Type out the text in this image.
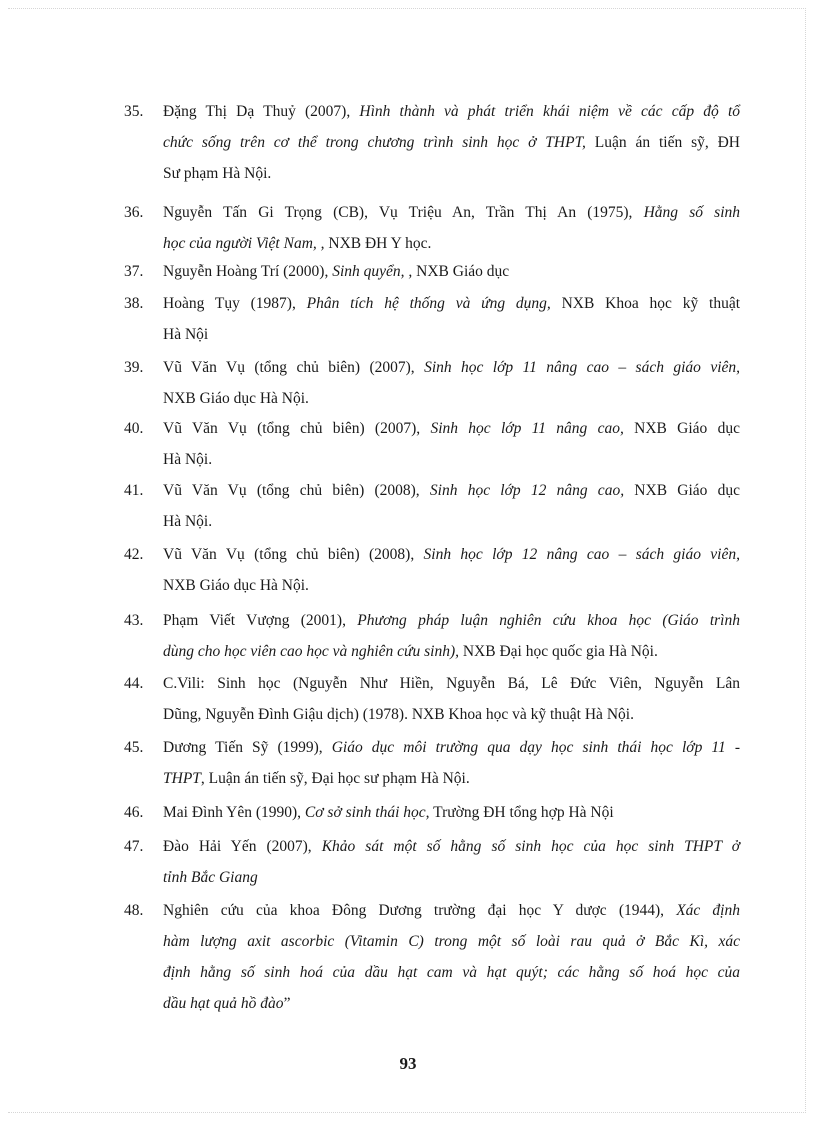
35.	Đặng Thị Dạ Thuỷ (2007), Hình thành và phát triển khái niệm về các cấp độ tổ
chức sống trên cơ thể trong chương trình sinh học ở THPT, Luận án tiến sỹ, ĐH
Sư phạm Hà Nội.
36.	Nguyễn Tấn Gi Trọng (CB), Vụ Triệu An, Trần Thị An (1975), Hằng số sinh
học của người Việt Nam, , NXB ĐH Y học.
37.	Nguyễn Hoàng Trí (2000), Sinh quyển, , NXB Giáo dục
38.	Hoàng Tụy (1987), Phân tích hệ thống và ứng dụng, NXB Khoa học kỹ thuật
Hà Nội
39.	Vũ Văn Vụ (tổng chủ biên) (2007), Sinh học lớp 11 nâng cao – sách giáo viên,
NXB Giáo dục Hà Nội.
40.	Vũ Văn Vụ (tổng chủ biên) (2007), Sinh học lớp 11 nâng cao, NXB Giáo dục
Hà Nội.
41.	Vũ Văn Vụ (tổng chủ biên) (2008), Sinh học lớp 12 nâng cao, NXB Giáo dục
Hà Nội.
42.	Vũ Văn Vụ (tổng chủ biên) (2008), Sinh học lớp 12 nâng cao – sách giáo viên,
NXB Giáo dục Hà Nội.
43.	Phạm Viết Vượng (2001), Phương pháp luận nghiên cứu khoa học (Giáo trình
dùng cho học viên cao học và nghiên cứu sinh), NXB Đại học quốc gia Hà Nội.
44.	C.Vili: Sinh học (Nguyễn Như Hiền, Nguyễn Bá, Lê Đức Viên, Nguyễn Lân
Dũng, Nguyễn Đình Giậu dịch) (1978). NXB Khoa học và kỹ thuật Hà Nội.
45.	Dương Tiến Sỹ (1999), Giáo dục môi trường qua dạy học sinh thái học lớp 11 -
THPT, Luận án tiến sỹ, Đại học sư phạm Hà Nội.
46.	Mai Đình Yên (1990), Cơ sở sinh thái học, Trường ĐH tổng hợp Hà Nội
47.	Đào Hải Yến (2007), Khảo sát một số hằng số sinh học của học sinh THPT ở
tỉnh Bắc Giang
48.	Nghiên cứu của khoa Đông Dương trường đại học Y dược (1944), Xác định
hàm lượng axit ascorbic (Vitamin C) trong một số loài rau quả ở Bắc Kì, xác
định hằng số sinh hoá của dầu hạt cam và hạt quýt; các hằng số hoá học của
dầu hạt quả hồ đào”
93
